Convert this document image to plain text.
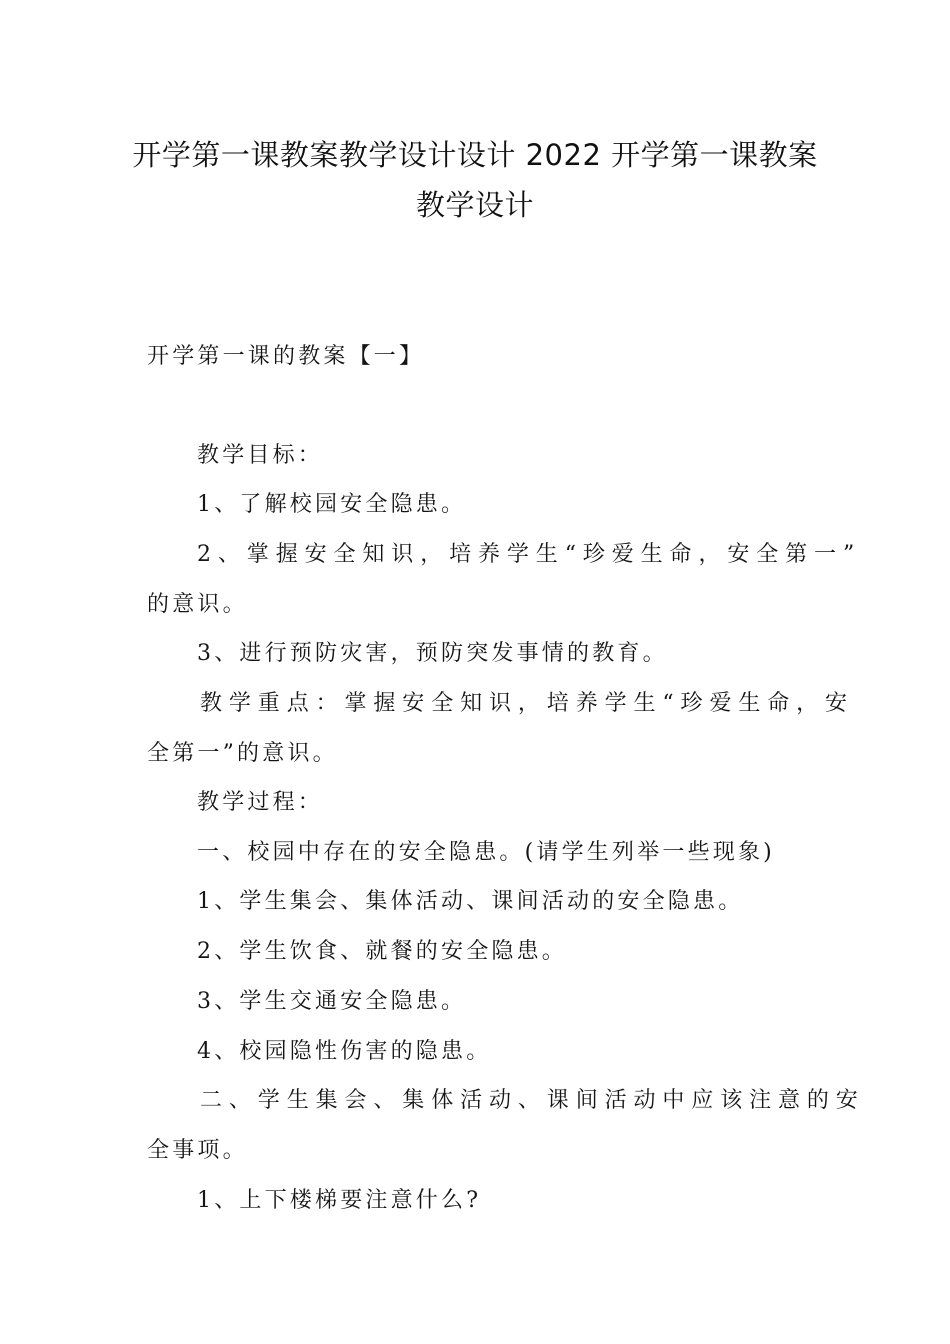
开学第一课教案教学设计设计 2022 开学第一课教案
教学设计
开学第一课的教案【一】
教学目标：
1、了解校园安全隐患。
2、掌握安全知识，培养学生“珍爱生命，安全第一”
的意识。
3、进行预防灾害，预防突发事情的教育。
教学重点：掌握安全知识，培养学生“珍爱生命，安
全第一”的意识。
教学过程：
一、校园中存在的安全隐患。(请学生列举一些现象)
1、学生集会、集体活动、课间活动的安全隐患。
2、学生饮食、就餐的安全隐患。
3、学生交通安全隐患。
4、校园隐性伤害的隐患。
二、学生集会、集体活动、课间活动中应该注意的安
全事项。
1、上下楼梯要注意什么?
